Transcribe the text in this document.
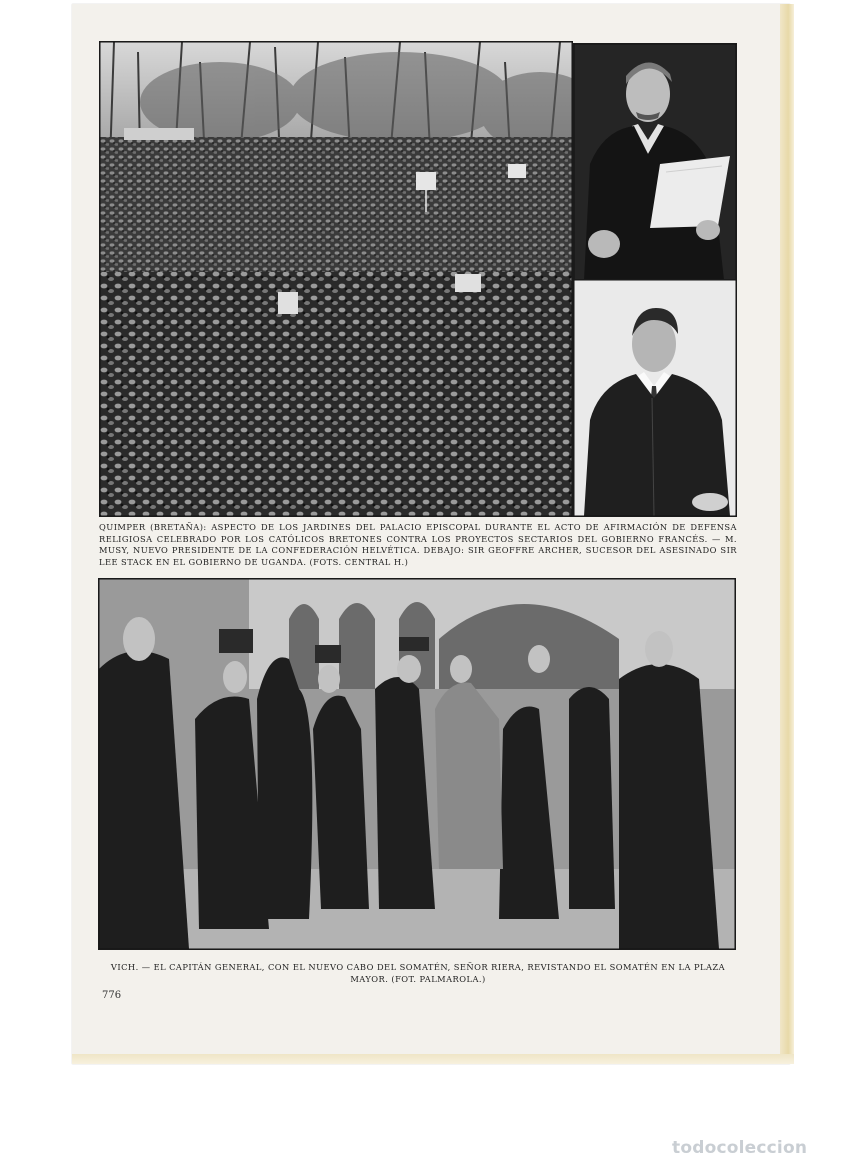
QUIMPER (BRETAÑA): ASPECTO DE LOS JARDINES DEL PALACIO EPISCOPAL DURANTE EL ACTO DE AFIRMACIÓN DE DEFENSA RELIGIOSA CELEBRADO POR LOS CATÓLICOS BRETONES CONTRA LOS PROYECTOS SECTARIOS DEL GOBIERNO FRANCÉS. — M. MUSY, NUEVO PRESIDENTE DE LA CONFEDERACIÓN HELVÉTICA. DEBAJO: SIR GEOFFRE ARCHER, SUCESOR DEL ASESINADO SIR LEE STACK EN EL GOBIERNO DE UGANDA. (FOTS. CENTRAL H.)
VICH. — EL CAPITÁN GENERAL, CON EL NUEVO CABO DEL SOMATÉN, SEÑOR RIERA, REVISTANDO EL SOMATÉN EN LA PLAZA MAYOR. (FOT. PALMAROLA.)
776
todocoleccion
